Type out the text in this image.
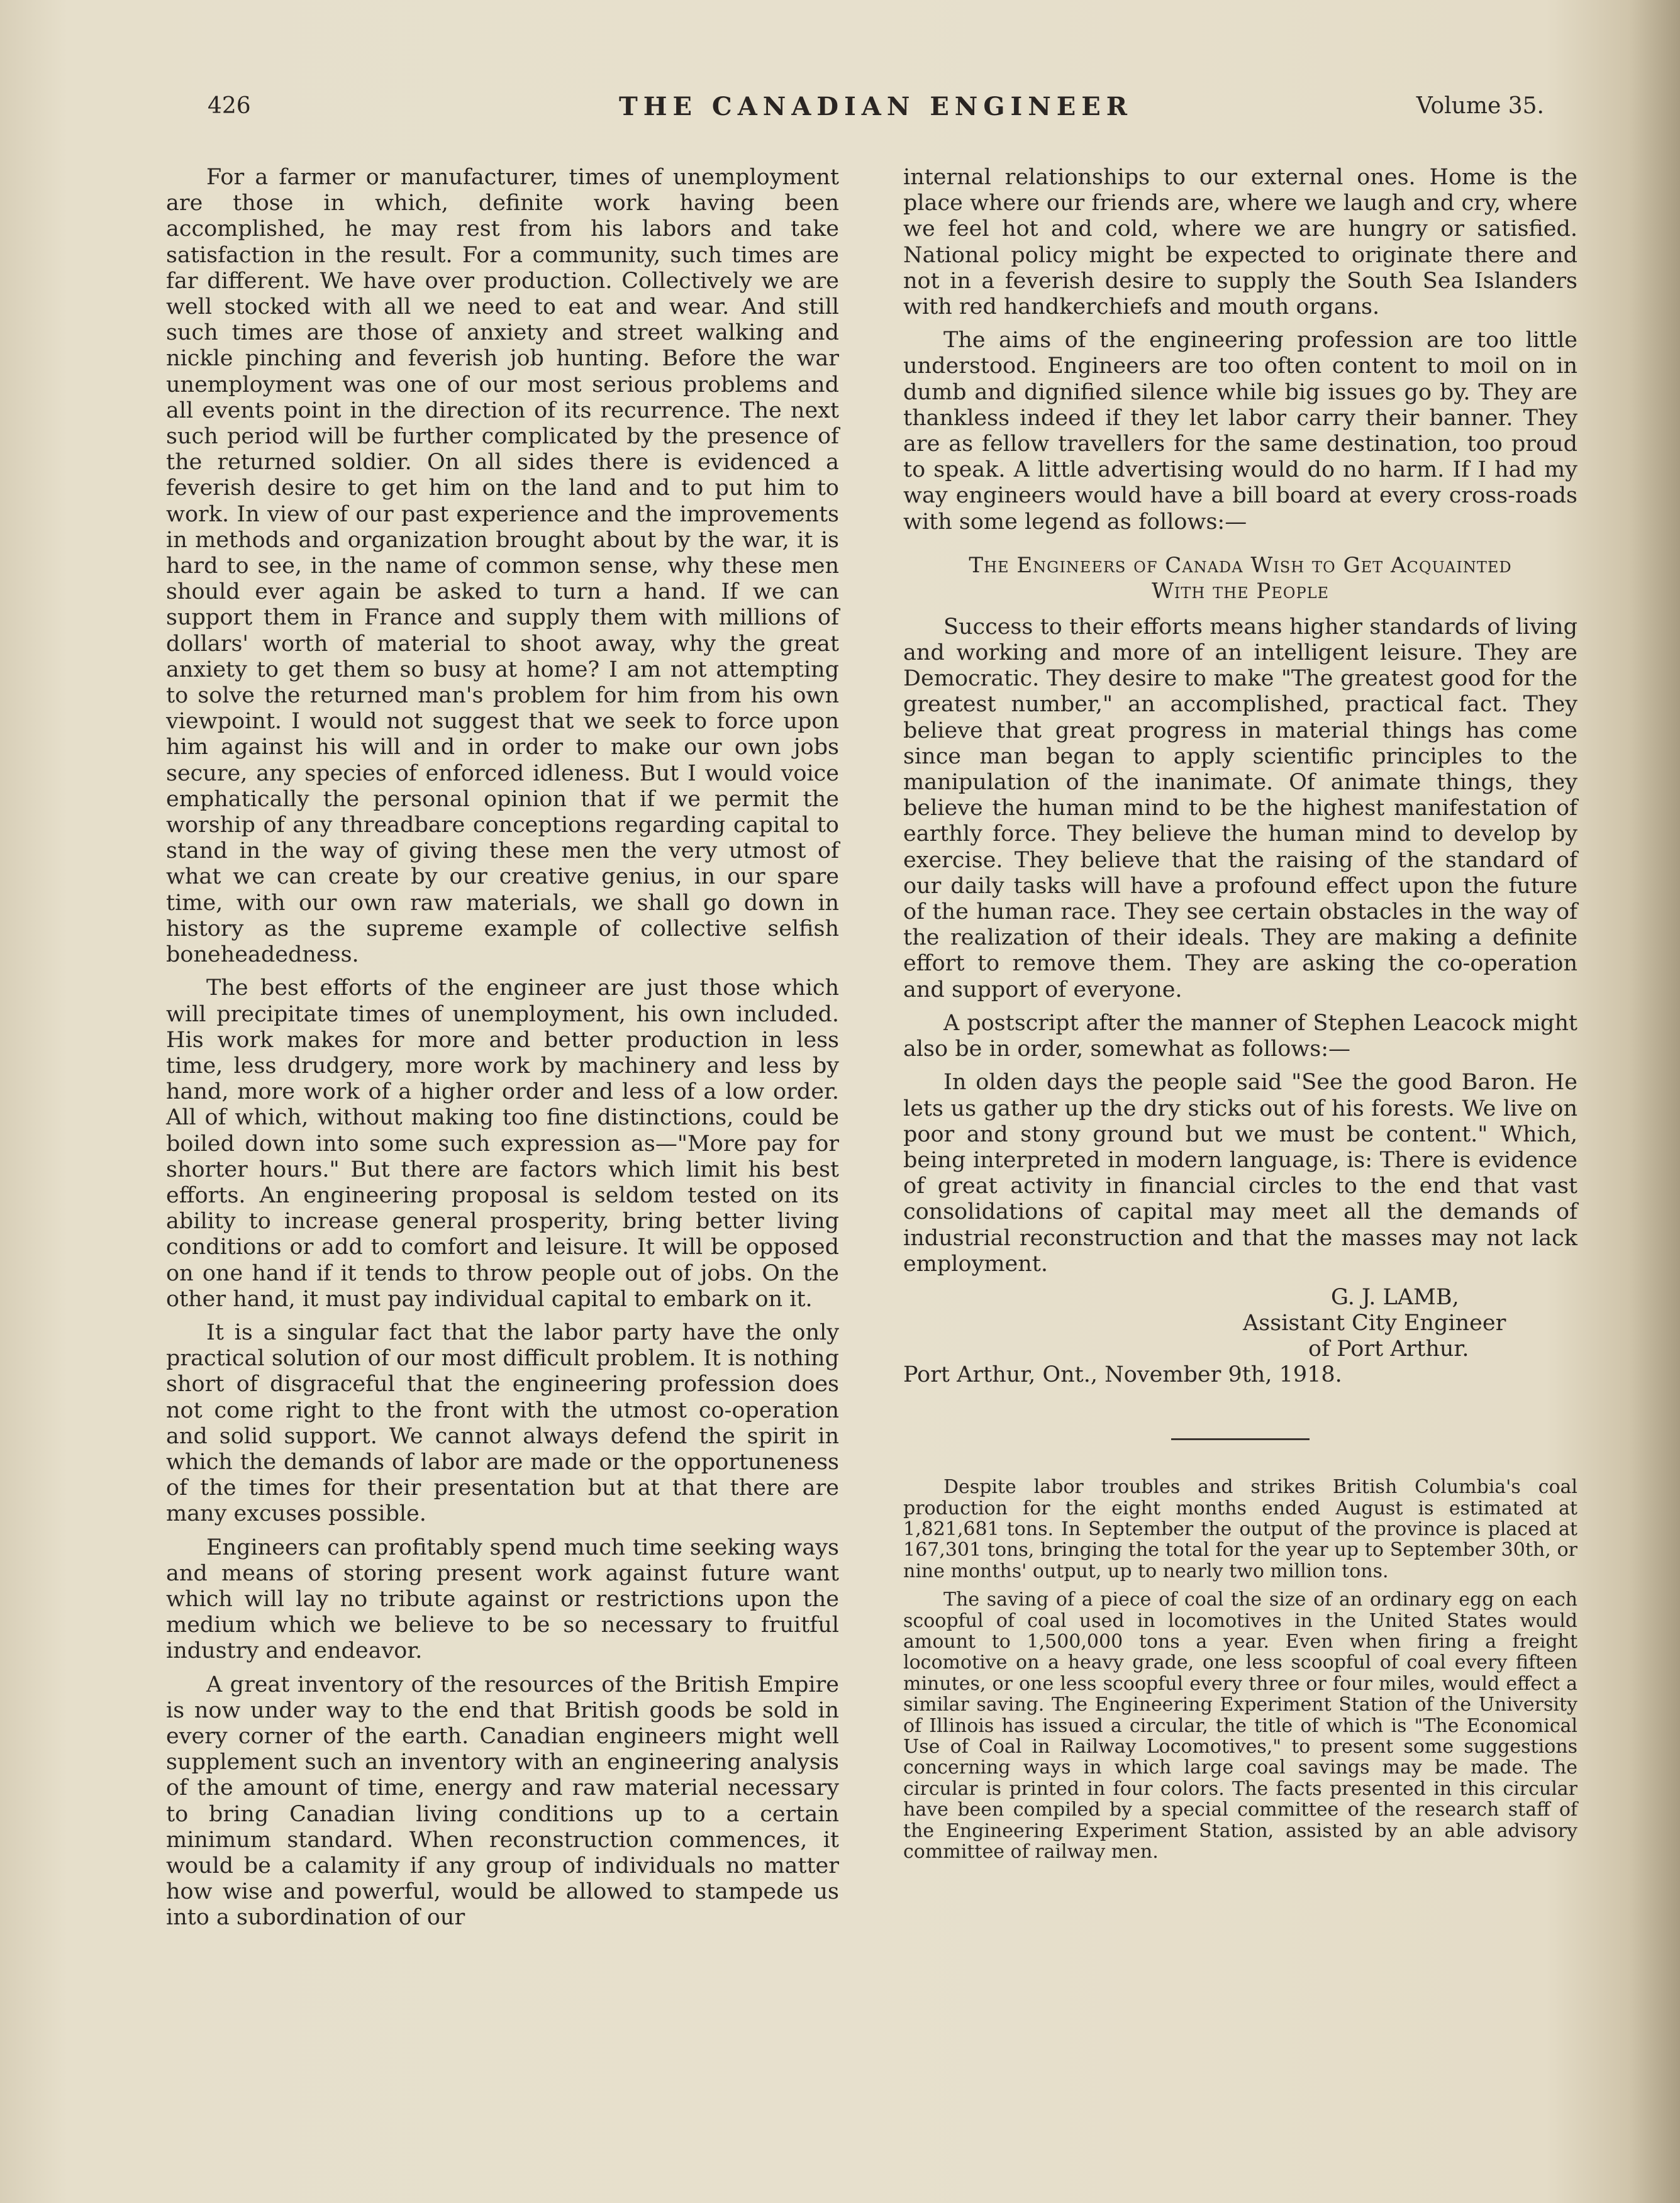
426	THE CANADIAN ENGINEER	Volume 35.

For a farmer or manufacturer, times of unemployment are those in which, definite work having been accomplished, he may rest from his labors and take satisfaction in the result. For a community, such times are far different. We have over production. Collectively we are well stocked with all we need to eat and wear. And still such times are those of anxiety and street walking and nickle pinching and feverish job hunting. Before the war unemployment was one of our most serious problems and all events point in the direction of its recurrence. The next such period will be further complicated by the presence of the returned soldier. On all sides there is evidenced a feverish desire to get him on the land and to put him to work. In view of our past experience and the improvements in methods and organization brought about by the war, it is hard to see, in the name of common sense, why these men should ever again be asked to turn a hand. If we can support them in France and supply them with millions of dollars' worth of material to shoot away, why the great anxiety to get them so busy at home? I am not attempting to solve the returned man's problem for him from his own viewpoint. I would not suggest that we seek to force upon him against his will and in order to make our own jobs secure, any species of enforced idleness. But I would voice emphatically the personal opinion that if we permit the worship of any threadbare conceptions regarding capital to stand in the way of giving these men the very utmost of what we can create by our creative genius, in our spare time, with our own raw materials, we shall go down in history as the supreme example of collective selfish boneheadedness.

The best efforts of the engineer are just those which will precipitate times of unemployment, his own included. His work makes for more and better production in less time, less drudgery, more work by machinery and less by hand, more work of a higher order and less of a low order. All of which, without making too fine distinctions, could be boiled down into some such expression as—"More pay for shorter hours." But there are factors which limit his best efforts. An engineering proposal is seldom tested on its ability to increase general prosperity, bring better living conditions or add to comfort and leisure. It will be opposed on one hand if it tends to throw people out of jobs. On the other hand, it must pay individual capital to embark on it.

It is a singular fact that the labor party have the only practical solution of our most difficult problem. It is nothing short of disgraceful that the engineering profession does not come right to the front with the utmost co-operation and solid support. We cannot always defend the spirit in which the demands of labor are made or the opportuneness of the times for their presentation but at that there are many excuses possible.

Engineers can profitably spend much time seeking ways and means of storing present work against future want which will lay no tribute against or restrictions upon the medium which we believe to be so necessary to fruitful industry and endeavor.

A great inventory of the resources of the British Empire is now under way to the end that British goods be sold in every corner of the earth. Canadian engineers might well supplement such an inventory with an engineering analysis of the amount of time, energy and raw material necessary to bring Canadian living conditions up to a certain minimum standard. When reconstruction commences, it would be a calamity if any group of individuals no matter how wise and powerful, would be allowed to stampede us into a subordination of our

internal relationships to our external ones. Home is the place where our friends are, where we laugh and cry, where we feel hot and cold, where we are hungry or satisfied. National policy might be expected to originate there and not in a feverish desire to supply the South Sea Islanders with red handkerchiefs and mouth organs.

The aims of the engineering profession are too little understood. Engineers are too often content to moil on in dumb and dignified silence while big issues go by. They are thankless indeed if they let labor carry their banner. They are as fellow travellers for the same destination, too proud to speak. A little advertising would do no harm. If I had my way engineers would have a bill board at every cross-roads with some legend as follows:—

The Engineers of Canada Wish to Get Acquainted
With the People

Success to their efforts means higher standards of living and working and more of an intelligent leisure. They are Democratic. They desire to make "The greatest good for the greatest number," an accomplished, practical fact. They believe that great progress in material things has come since man began to apply scientific principles to the manipulation of the inanimate. Of animate things, they believe the human mind to be the highest manifestation of earthly force. They believe the human mind to develop by exercise. They believe that the raising of the standard of our daily tasks will have a profound effect upon the future of the human race. They see certain obstacles in the way of the realization of their ideals. They are making a definite effort to remove them. They are asking the co-operation and support of everyone.

A postscript after the manner of Stephen Leacock might also be in order, somewhat as follows:—

In olden days the people said "See the good Baron. He lets us gather up the dry sticks out of his forests. We live on poor and stony ground but we must be content." Which, being interpreted in modern language, is: There is evidence of great activity in financial circles to the end that vast consolidations of capital may meet all the demands of industrial reconstruction and that the masses may not lack employment.

G. J. LAMB,
Assistant City Engineer
of Port Arthur.

Port Arthur, Ont., November 9th, 1918.

Despite labor troubles and strikes British Columbia's coal production for the eight months ended August is estimated at 1,821,681 tons. In September the output of the province is placed at 167,301 tons, bringing the total for the year up to September 30th, or nine months' output, up to nearly two million tons.

The saving of a piece of coal the size of an ordinary egg on each scoopful of coal used in locomotives in the United States would amount to 1,500,000 tons a year. Even when firing a freight locomotive on a heavy grade, one less scoopful of coal every fifteen minutes, or one less scoopful every three or four miles, would effect a similar saving. The Engineering Experiment Station of the University of Illinois has issued a circular, the title of which is "The Economical Use of Coal in Railway Locomotives," to present some suggestions concerning ways in which large coal savings may be made. The circular is printed in four colors. The facts presented in this circular have been compiled by a special committee of the research staff of the Engineering Experiment Station, assisted by an able advisory committee of railway men.
